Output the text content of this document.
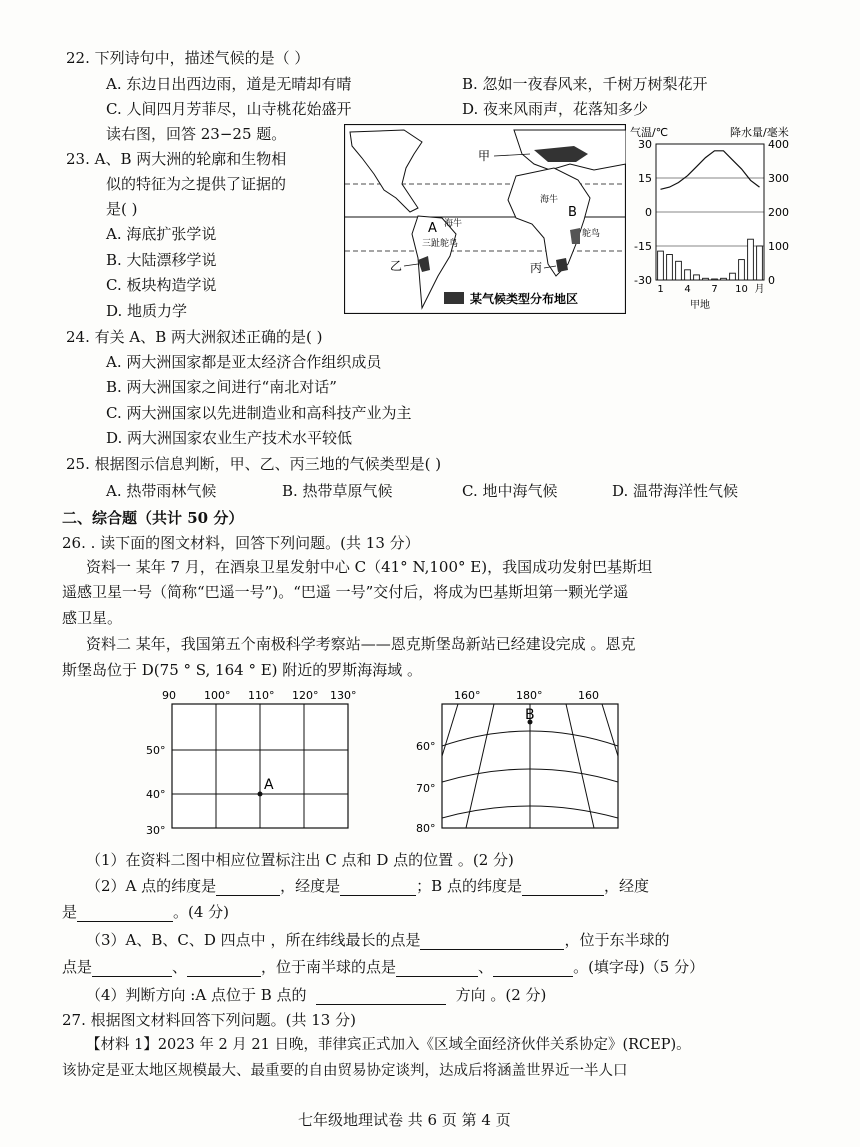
22. 下列诗句中，描述气候的是（ ）
A. 东边日出西边雨，道是无晴却有晴	B. 忽如一夜春风来，千树万树梨花开
C. 人间四月芳菲尽，山寺桃花始盛开	D. 夜来风雨声，花落知多少
读右图，回答 23−25 题。
23. A、B 两大洲的轮廓和生物相
似的特征为之提供了证据的
是( )
A. 海底扩张学说
B. 大陆漂移学说
C. 板块构造学说
D. 地质力学
甲
乙	丙
A
B
海牛
海牛
三趾鸵鸟
鸵鸟
某气候类型分布地区
气温/℃	降水量/毫米
30
15
0
-15
-30
400
300
200
100
0
1 4 7 10 月
甲地
24. 有关 A、B 两大洲叙述正确的是( )
A. 两大洲国家都是亚太经济合作组织成员
B. 两大洲国家之间进行“南北对话”
C. 两大洲国家以先进制造业和高科技产业为主
D. 两大洲国家农业生产技术水平较低
25. 根据图示信息判断，甲、乙、丙三地的气候类型是( )
A. 热带雨林气候	B. 热带草原气候	C. 地中海气候	D. 温带海洋性气候
二、综合题（共计 50 分）
26. . 读下面的图文材料，回答下列问题。(共 13 分）
资料一 某年 7 月，在酒泉卫星发射中心 C（41° N,100° E)，我国成功发射巴基斯坦
遥感卫星一号（简称“巴遥一号”)。“巴遥 一号”交付后，将成为巴基斯坦第一颗光学遥
感卫星。
资料二 某年，我国第五个南极科学考察站——恩克斯堡岛新站已经建设完成 。恩克
斯堡岛位于 D(75 ° S, 164 ° E) 附近的罗斯海海域 。
90	100° 110° 120° 130°
50°
40°
30°
A
160°	180°	160
60°
70°
80°
B
（1）在资料二图中相应位置标注出 C 点和 D 点的位置 。(2 分)
（2）A 点的纬度是	，经度是	；B 点的纬度是	，经度
是	。(4 分)
（3）A、B、C、D 四点中 ，所在纬线最长的点是	，位于东半球的
点是	、	，位于南半球的点是	、	。(填字母)（5 分）
（4）判断方向 :A 点位于 B 点的	方向 。(2 分)
27. 根据图文材料回答下列问题。(共 13 分)
【材料 1】2023 年 2 月 21 日晚，菲律宾正式加入《区域全面经济伙伴关系协定》(RCEP)。
该协定是亚太地区规模最大、最重要的自由贸易协定谈判，达成后将涵盖世界近一半人口
七年级地理试卷 共 6 页 第 4 页
